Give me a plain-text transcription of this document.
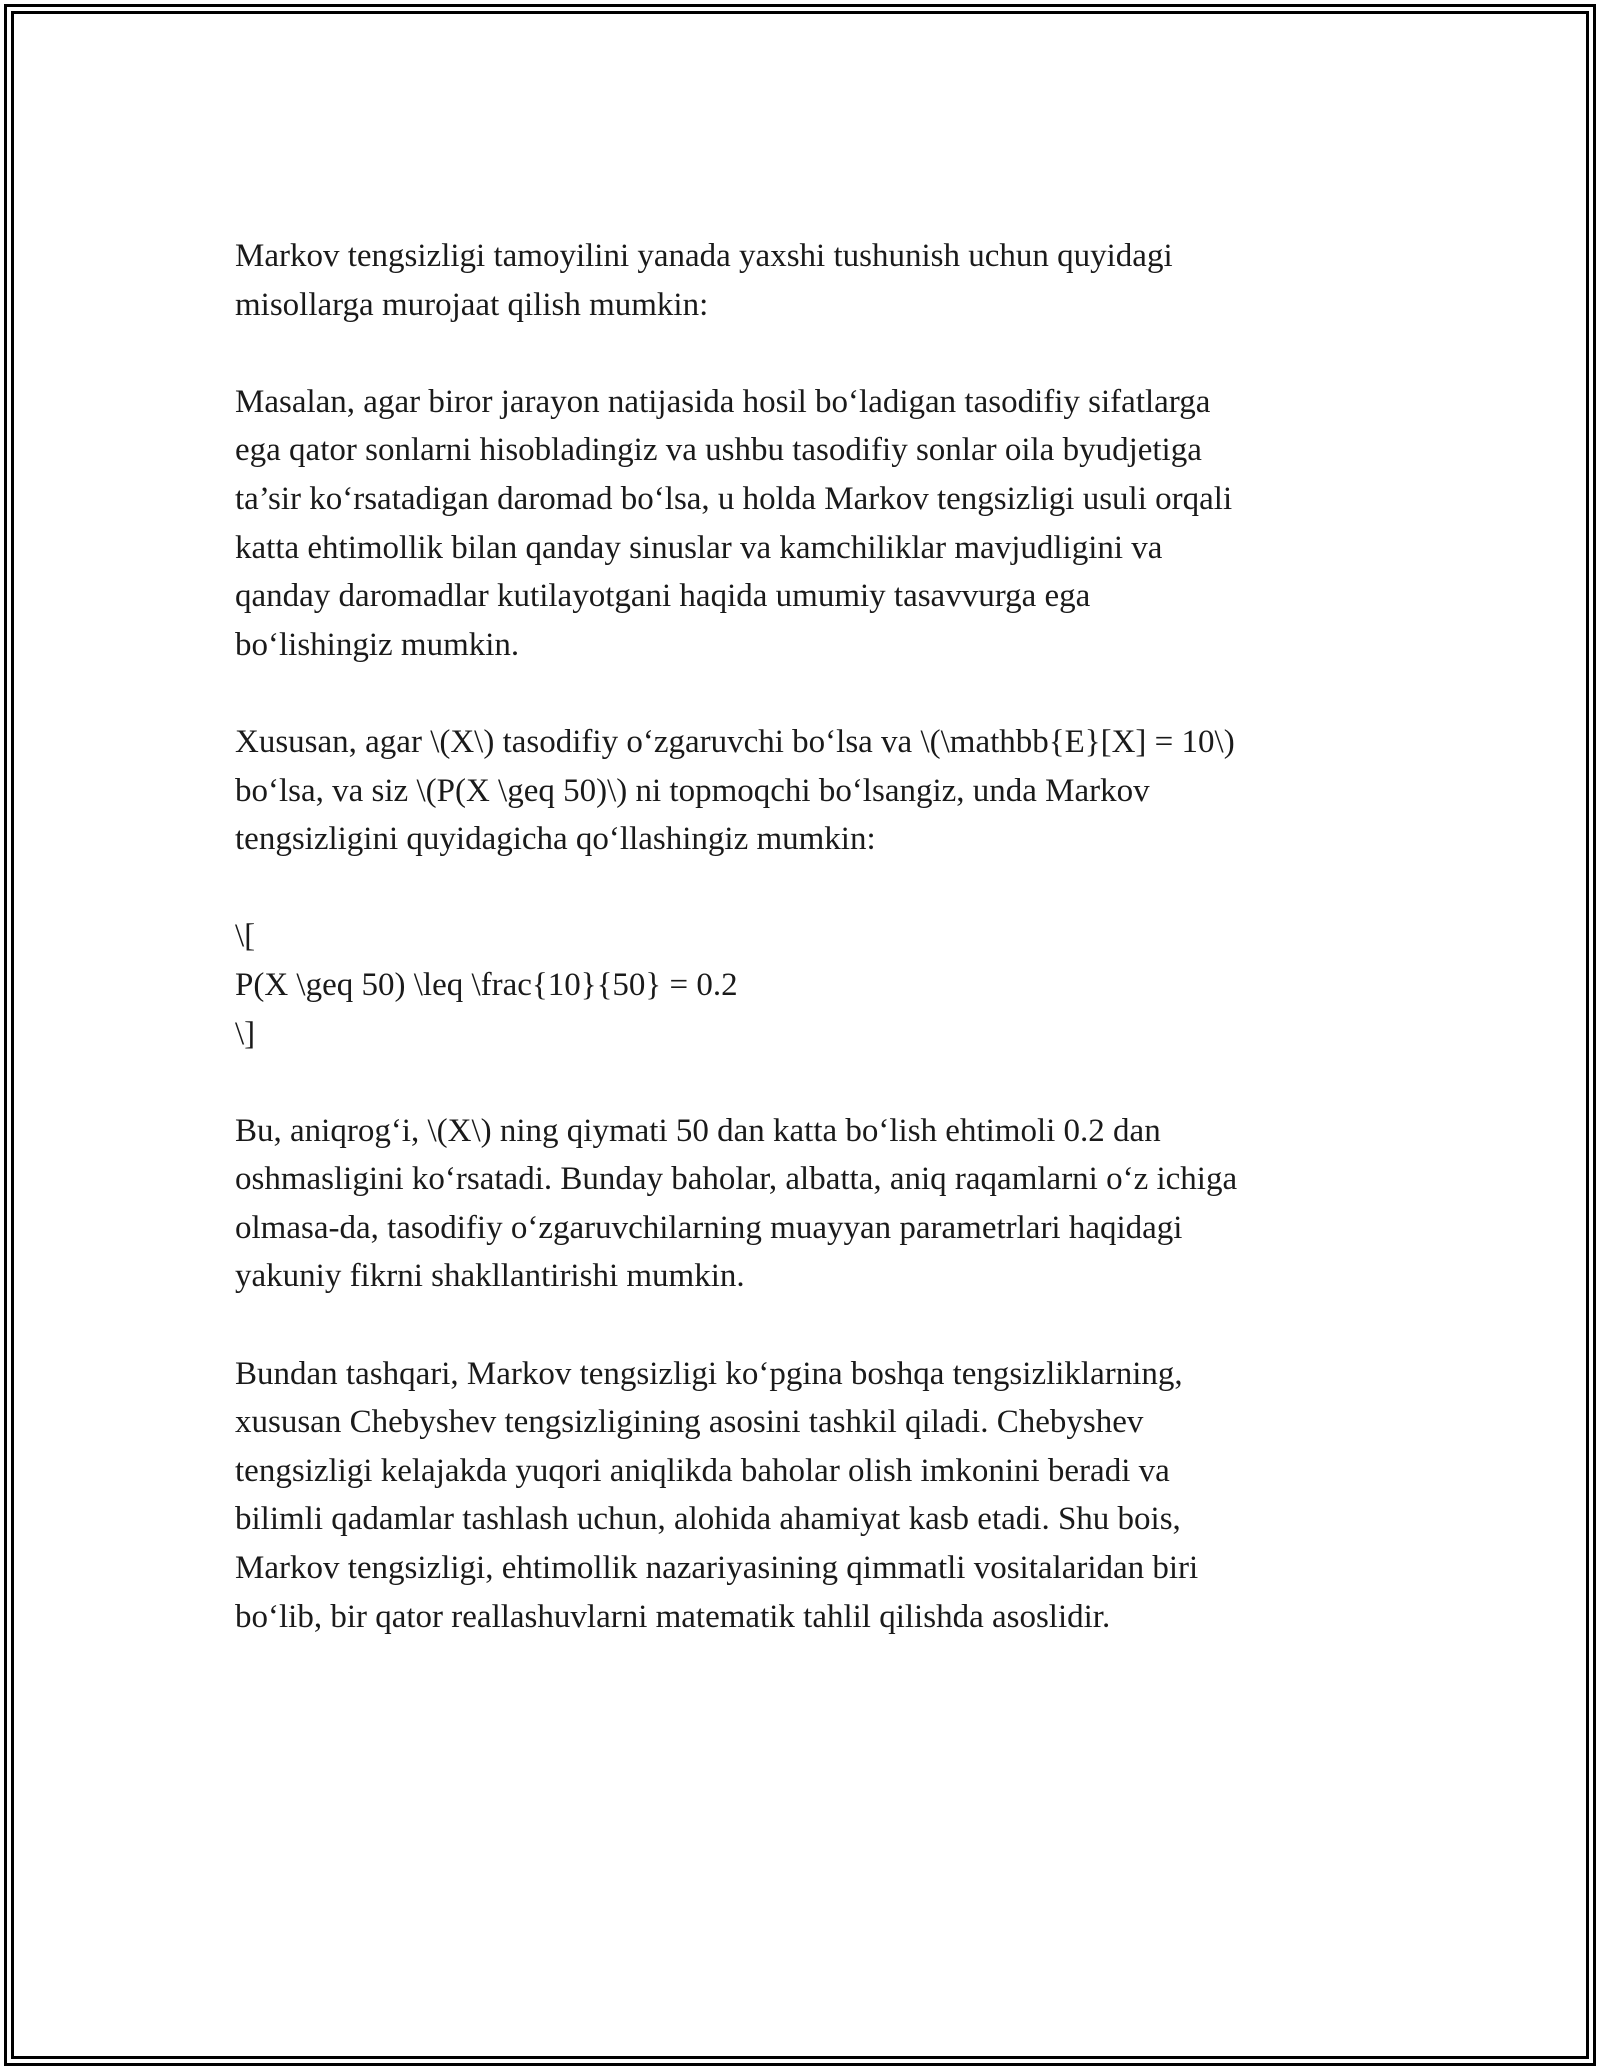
Markov tengsizligi tamoyilini yanada yaxshi tushunish uchun quyidagi
misollarga murojaat qilish mumkin:

Masalan, agar biror jarayon natijasida hosil bo‘ladigan tasodifiy sifatlarga
ega qator sonlarni hisobladingiz va ushbu tasodifiy sonlar oila byudjetiga
ta’sir ko‘rsatadigan daromad bo‘lsa, u holda Markov tengsizligi usuli orqali
katta ehtimollik bilan qanday sinuslar va kamchiliklar mavjudligini va
qanday daromadlar kutilayotgani haqida umumiy tasavvurga ega
bo‘lishingiz mumkin.

Xususan, agar \(X\) tasodifiy o‘zgaruvchi bo‘lsa va \(\mathbb{E}[X] = 10\)
bo‘lsa, va siz \(P(X \geq 50)\) ni topmoqchi bo‘lsangiz, unda Markov
tengsizligini quyidagicha qo‘llashingiz mumkin:

\[
P(X \geq 50) \leq \frac{10}{50} = 0.2
\]

Bu, aniqrog‘i, \(X\) ning qiymati 50 dan katta bo‘lish ehtimoli 0.2 dan
oshmasligini ko‘rsatadi. Bunday baholar, albatta, aniq raqamlarni o‘z ichiga
olmasa-da, tasodifiy o‘zgaruvchilarning muayyan parametrlari haqidagi
yakuniy fikrni shakllantirishi mumkin.

Bundan tashqari, Markov tengsizligi ko‘pgina boshqa tengsizliklarning,
xususan Chebyshev tengsizligining asosini tashkil qiladi. Chebyshev
tengsizligi kelajakda yuqori aniqlikda baholar olish imkonini beradi va
bilimli qadamlar tashlash uchun, alohida ahamiyat kasb etadi. Shu bois,
Markov tengsizligi, ehtimollik nazariyasining qimmatli vositalaridan biri
bo‘lib, bir qator reallashuvlarni matematik tahlil qilishda asoslidir.
